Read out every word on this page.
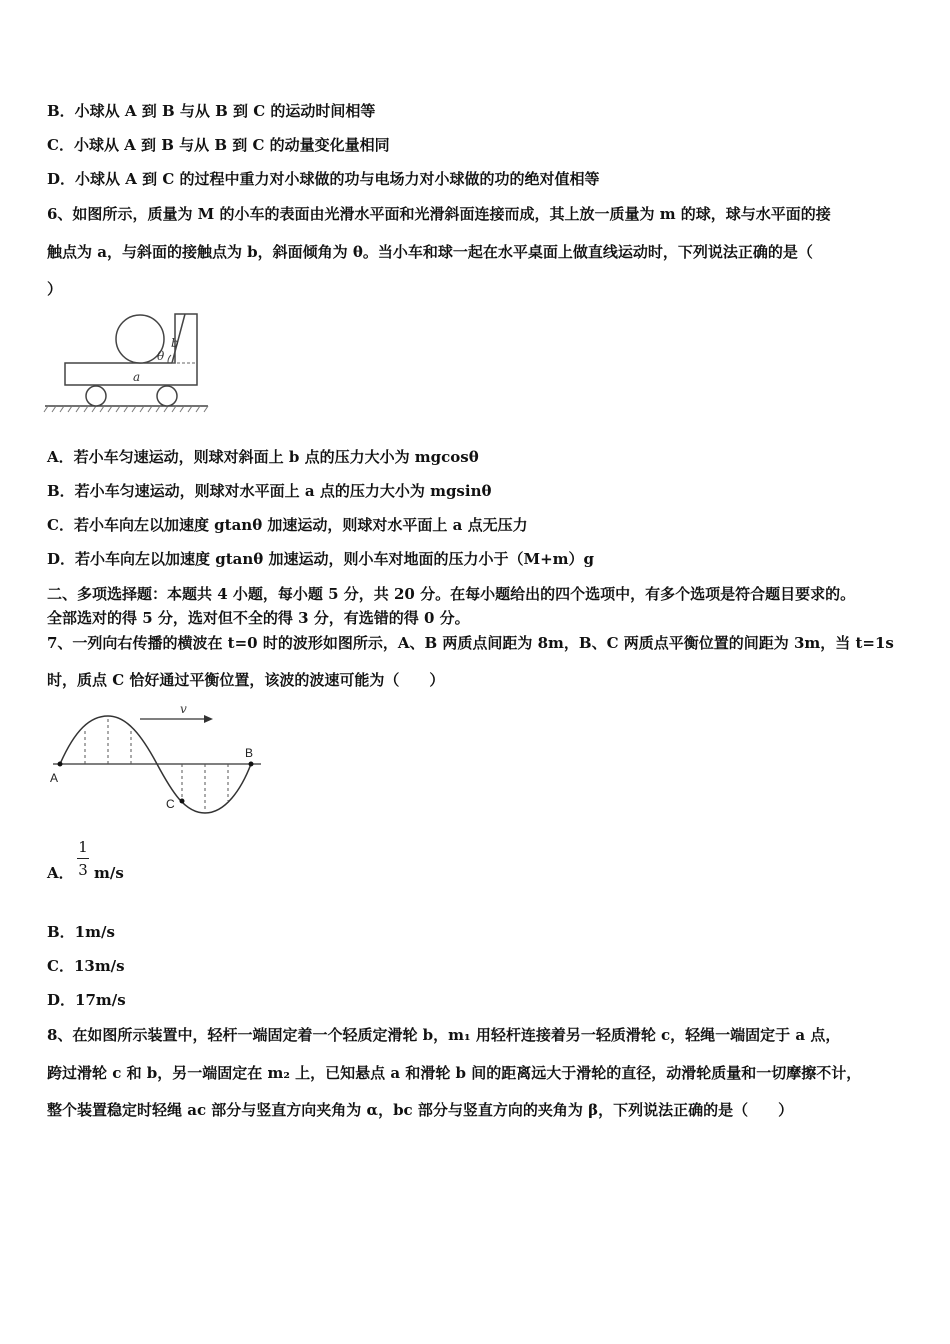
B．小球从 A 到 B 与从 B 到 C 的运动时间相等
C．小球从 A 到 B 与从 B 到 C 的动量变化量相同
D．小球从 A 到 C 的过程中重力对小球做的功与电场力对小球做的功的绝对值相等
6、如图所示，质量为 M 的小车的表面由光滑水平面和光滑斜面连接而成，其上放一质量为 m 的球，球与水平面的接
触点为 a，与斜面的接触点为 b，斜面倾角为 θ。当小车和球一起在水平桌面上做直线运动时，下列说法正确的是（
）
b
θ
a
A．若小车匀速运动，则球对斜面上 b 点的压力大小为 mgcosθ
B．若小车匀速运动，则球对水平面上 a 点的压力大小为 mgsinθ
C．若小车向左以加速度 gtanθ 加速运动，则球对水平面上 a 点无压力
D．若小车向左以加速度 gtanθ 加速运动，则小车对地面的压力小于（M+m）g
二、多项选择题：本题共 4 小题，每小题 5 分，共 20 分。在每小题给出的四个选项中，有多个选项是符合题目要求的。
全部选对的得 5 分，选对但不全的得 3 分，有选错的得 0 分。
7、一列向右传播的横波在 t=0 时的波形如图所示，A、B 两质点间距为 8m，B、C 两质点平衡位置的间距为 3m，当 t=1s
时，质点 C 恰好通过平衡位置，该波的波速可能为（　　）
v
A
B
C
A．
1
3 m/s
B．1m/s
C．13m/s
D．17m/s
8、在如图所示装置中，轻杆一端固定着一个轻质定滑轮 b，m₁ 用轻杆连接着另一轻质滑轮 c，轻绳一端固定于 a 点，
跨过滑轮 c 和 b，另一端固定在 m₂ 上，已知悬点 a 和滑轮 b 间的距离远大于滑轮的直径，动滑轮质量和一切摩擦不计，
整个装置稳定时轻绳 ac 部分与竖直方向夹角为 α，bc 部分与竖直方向的夹角为 β，下列说法正确的是（　　）
